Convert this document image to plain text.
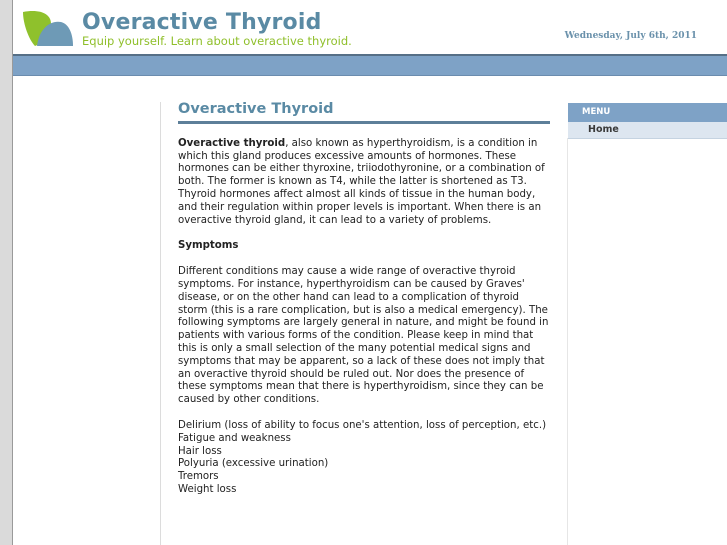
Overactive Thyroid
Equip yourself. Learn about overactive thyroid.	Wednesday, July 6th, 2011
Overactive Thyroid

Overactive thyroid, also known as hyperthyroidism, is a condition in which this gland produces excessive amounts of hormones. These hormones can be either thyroxine, triiodothyronine, or a combination of both. The former is known as T4, while the latter is shortened as T3. Thyroid hormones affect almost all kinds of tissue in the human body, and their regulation within proper levels is important. When there is an overactive thyroid gland, it can lead to a variety of problems.

Symptoms

Different conditions may cause a wide range of overactive thyroid symptoms. For instance, hyperthyroidism can be caused by Graves' disease, or on the other hand can lead to a complication of thyroid storm (this is a rare complication, but is also a medical emergency). The following symptoms are largely general in nature, and might be found in patients with various forms of the condition. Please keep in mind that this is only a small selection of the many potential medical signs and symptoms that may be apparent, so a lack of these does not imply that an overactive thyroid should be ruled out. Nor does the presence of these symptoms mean that there is hyperthyroidism, since they can be caused by other conditions.

Delirium (loss of ability to focus one's attention, loss of perception, etc.)
Fatigue and weakness
Hair loss
Polyuria (excessive urination)
Tremors
Weight loss
MENU
Home
